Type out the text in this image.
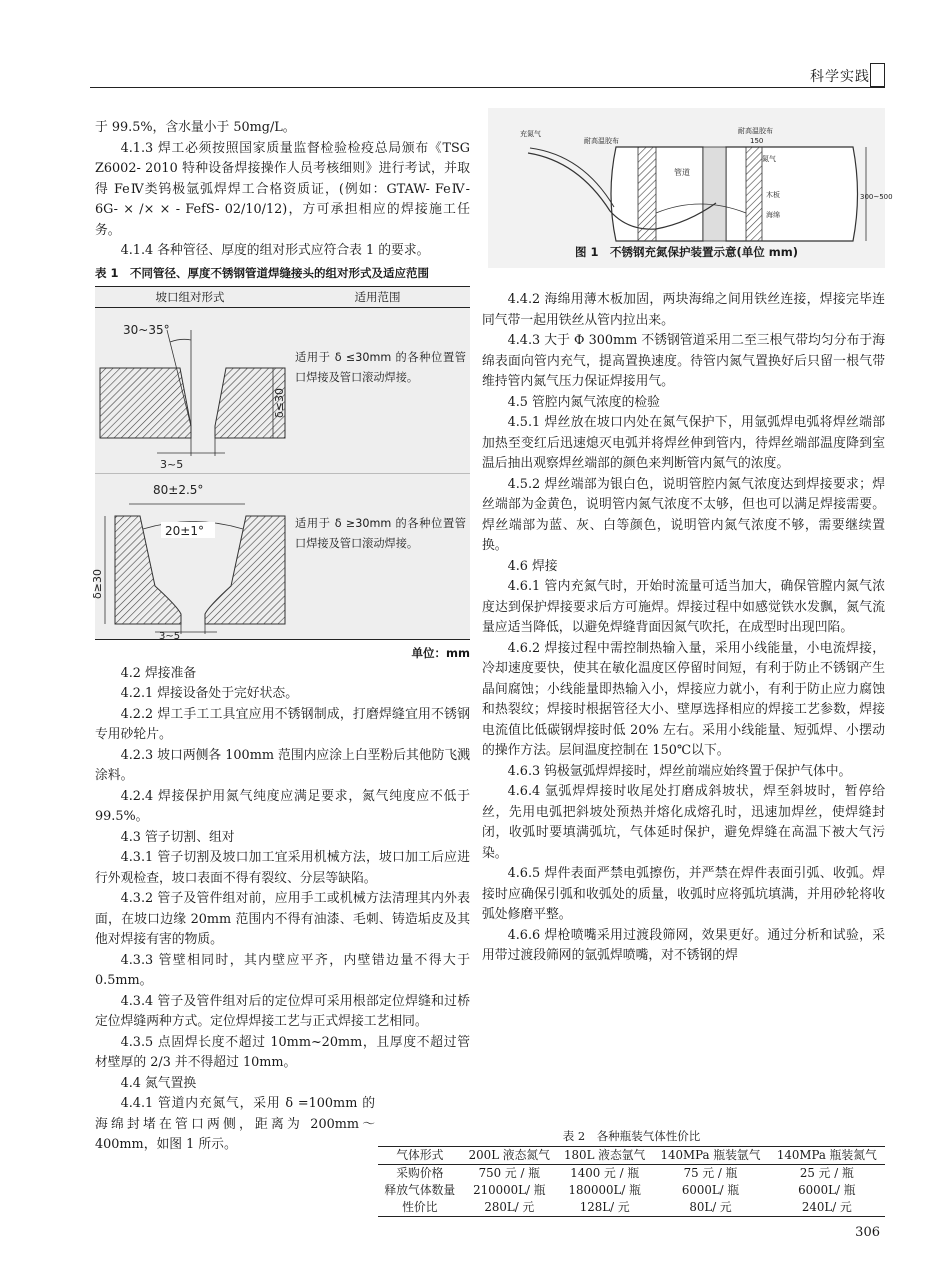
科学实践

于 99.5%，含水量小于 50mg/L。

4.1.3 焊工必须按照国家质量监督检验检疫总局颁布《TSG Z6002- 2010 特种设备焊接操作人员考核细则》进行考试，并取得 FeⅣ类钨极氩弧焊焊工合格资质证，(例如：GTAW- FeⅣ- 6G- × /× × - FefS- 02/10/12)，方可承担相应的焊接施工任务。

4.1.4 各种管径、厚度的组对形式应符合表 1 的要求。

表 1　不同管径、厚度不锈钢管道焊缝接头的组对形式及适应范围
坡口组对形式	适用范围
30~35°
δ≤30
3~5
适用于 δ ≤30mm 的各种位置管口焊接及管口滚动焊接。
80±2.5°
20±1°
δ≥30
3~5
适用于 δ ≥30mm 的各种位置管口焊接及管口滚动焊接。
单位：mm

4.2 焊接准备

4.2.1 焊接设备处于完好状态。

4.2.2 焊工手工工具宜应用不锈钢制成，打磨焊缝宜用不锈钢专用砂轮片。

4.2.3 坡口两侧各 100mm 范围内应涂上白垩粉后其他防飞溅涂料。

4.2.4 焊接保护用氮气纯度应满足要求，氮气纯度应不低于 99.5%。

4.3 管子切割、组对

4.3.1 管子切割及坡口加工宜采用机械方法，坡口加工后应进行外观检查，坡口表面不得有裂纹、分层等缺陷。

4.3.2 管子及管件组对前，应用手工或机械方法清理其内外表面，在坡口边缘 20mm 范围内不得有油漆、毛刺、铸造垢皮及其他对焊接有害的物质。

4.3.3 管壁相同时，其内壁应平齐，内壁错边量不得大于 0.5mm。

4.3.4 管子及管件组对后的定位焊可采用根部定位焊缝和过桥定位焊缝两种方式。定位焊焊接工艺与正式焊接工艺相同。

4.3.5 点固焊长度不超过 10mm~20mm，且厚度不超过管材壁厚的 2/3 并不得超过 10mm。

4.4 氮气置换

4.4.1 管道内充氮气，采用 δ =100mm 的海绵封堵在管口两侧，距离为 200mm～400mm，如图 1 所示。

300~500
150
充氮气
耐高温胶布
耐高温胶布
氮气
管道
木板
海绵
图 1　不锈钢充氮保护装置示意(单位 mm)

4.4.2 海绵用薄木板加固，两块海绵之间用铁丝连接，焊接完毕连同气带一起用铁丝从管内拉出来。

4.4.3 大于 Φ 300mm 不锈钢管道采用二至三根气带均匀分布于海绵表面向管内充气，提高置换速度。待管内氮气置换好后只留一根气带维持管内氮气压力保证焊接用气。

4.5 管腔内氮气浓度的检验

4.5.1 焊丝放在坡口内处在氮气保护下，用氩弧焊电弧将焊丝端部加热至变红后迅速熄灭电弧并将焊丝伸到管内，待焊丝端部温度降到室温后抽出观察焊丝端部的颜色来判断管内氮气的浓度。

4.5.2 焊丝端部为银白色，说明管腔内氮气浓度达到焊接要求；焊丝端部为金黄色，说明管内氮气浓度不太够，但也可以满足焊接需要。焊丝端部为蓝、灰、白等颜色，说明管内氮气浓度不够，需要继续置换。

4.6 焊接

4.6.1 管内充氮气时，开始时流量可适当加大，确保管膛内氮气浓度达到保护焊接要求后方可施焊。焊接过程中如感觉铁水发飘，氮气流量应适当降低，以避免焊缝背面因氮气吹托，在成型时出现凹陷。

4.6.2 焊接过程中需控制热输入量，采用小线能量，小电流焊接，冷却速度要快，使其在敏化温度区停留时间短，有利于防止不锈钢产生晶间腐蚀；小线能量即热输入小，焊接应力就小，有利于防止应力腐蚀和热裂纹；焊接时根据管径大小、壁厚选择相应的焊接工艺参数，焊接电流值比低碳钢焊接时低 20% 左右。采用小线能量、短弧焊、小摆动的操作方法。层间温度控制在 150℃以下。

4.6.3 钨极氩弧焊焊接时，焊丝前端应始终置于保护气体中。

4.6.4 氩弧焊焊接时收尾处打磨成斜坡状，焊至斜坡时，暂停给丝，先用电弧把斜坡处预热并熔化成熔孔时，迅速加焊丝，使焊缝封闭，收弧时要填满弧坑，气体延时保护，避免焊缝在高温下被大气污染。

4.6.5 焊件表面严禁电弧擦伤，并严禁在焊件表面引弧、收弧。焊接时应确保引弧和收弧处的质量，收弧时应将弧坑填满，并用砂轮将收弧处修磨平整。

4.6.6 焊枪喷嘴采用过渡段筛网，效果更好。通过分析和试验，采用带过渡段筛网的氩弧焊喷嘴，对不锈钢的焊

表 2　各种瓶装气体性价比
气体形式	200L 液态氮气	180L 液态氩气	140MPa 瓶装氩气	140MPa 瓶装氮气
采购价格	750 元 / 瓶	1400 元 / 瓶	75 元 / 瓶	25 元 / 瓶
释放气体数量	210000L/ 瓶	180000L/ 瓶	6000L/ 瓶	6000L/ 瓶
性价比	280L/ 元	128L/ 元	80L/ 元	240L/ 元
306
